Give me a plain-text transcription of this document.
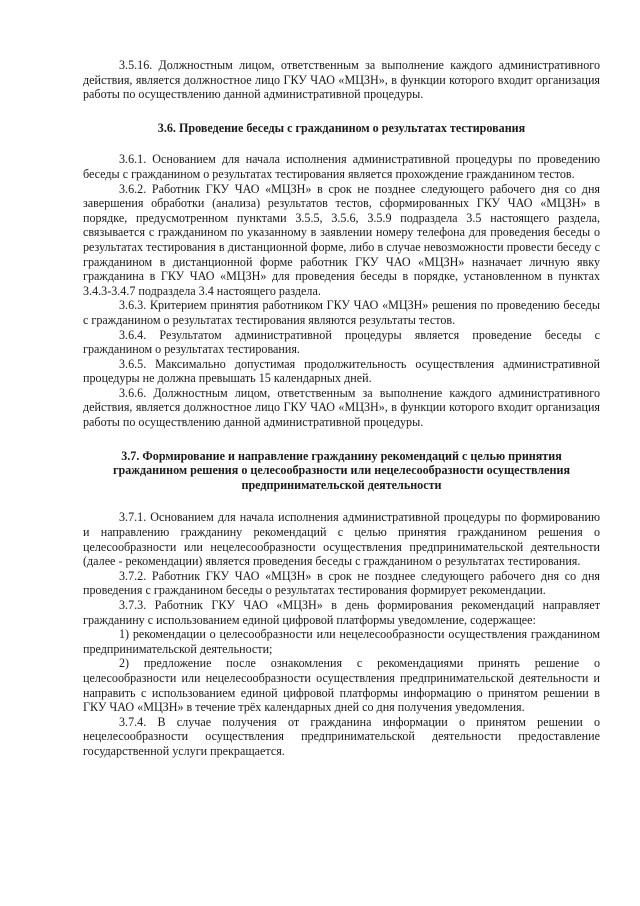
3.5.16. Должностным лицом, ответственным за выполнение каждого административного действия, является должностное лицо ГКУ ЧАО «МЦЗН», в функции которого входит организация работы по осуществлению данной административной процедуры.

3.6. Проведение беседы с гражданином о результатах тестирования

3.6.1. Основанием для начала исполнения административной процедуры по проведению беседы с гражданином о результатах тестирования является прохождение гражданином тестов.

3.6.2. Работник ГКУ ЧАО «МЦЗН» в срок не позднее следующего рабочего дня со дня завершения обработки (анализа) результатов тестов, сформированных ГКУ ЧАО «МЦЗН» в порядке, предусмотренном пунктами 3.5.5, 3.5.6, 3.5.9 подраздела 3.5 настоящего раздела, связывается с гражданином по указанному в заявлении номеру телефона для проведения беседы о результатах тестирования в дистанционной форме, либо в случае невозможности провести беседу с гражданином в дистанционной форме работник ГКУ ЧАО «МЦЗН» назначает личную явку гражданина в ГКУ ЧАО «МЦЗН» для проведения беседы в порядке, установленном в пунктах 3.4.3-3.4.7 подраздела 3.4 настоящего раздела.

3.6.3. Критерием принятия работником ГКУ ЧАО «МЦЗН» решения по проведению беседы с гражданином о результатах тестирования являются результаты тестов.

3.6.4. Результатом административной процедуры является проведение беседы с гражданином о результатах тестирования.

3.6.5. Максимально допустимая продолжительность осуществления административной процедуры не должна превышать 15 календарных дней.

3.6.6. Должностным лицом, ответственным за выполнение каждого административного действия, является должностное лицо ГКУ ЧАО «МЦЗН», в функции которого входит организация работы по осуществлению данной административной процедуры.

3.7. Формирование и направление гражданину рекомендаций с целью принятия гражданином решения о целесообразности или нецелесообразности осуществления предпринимательской деятельности

3.7.1. Основанием для начала исполнения административной процедуры по формированию и направлению гражданину рекомендаций с целью принятия гражданином решения о целесообразности или нецелесообразности осуществления предпринимательской деятельности (далее - рекомендации) является проведения беседы с гражданином о результатах тестирования.

3.7.2. Работник ГКУ ЧАО «МЦЗН» в срок не позднее следующего рабочего дня со дня проведения с гражданином беседы о результатах тестирования формирует рекомендации.

3.7.3. Работник ГКУ ЧАО «МЦЗН» в день формирования рекомендаций направляет гражданину с использованием единой цифровой платформы уведомление, содержащее:

1) рекомендации о целесообразности или нецелесообразности осуществления гражданином предпринимательской деятельности;

2) предложение после ознакомления с рекомендациями принять решение о целесообразности или нецелесообразности осуществления предпринимательской деятельности и направить с использованием единой цифровой платформы информацию о принятом решении в ГКУ ЧАО «МЦЗН» в течение трёх календарных дней со дня получения уведомления.

3.7.4. В случае получения от гражданина информации о принятом решении о нецелесообразности осуществления предпринимательской деятельности предоставление государственной услуги прекращается.
